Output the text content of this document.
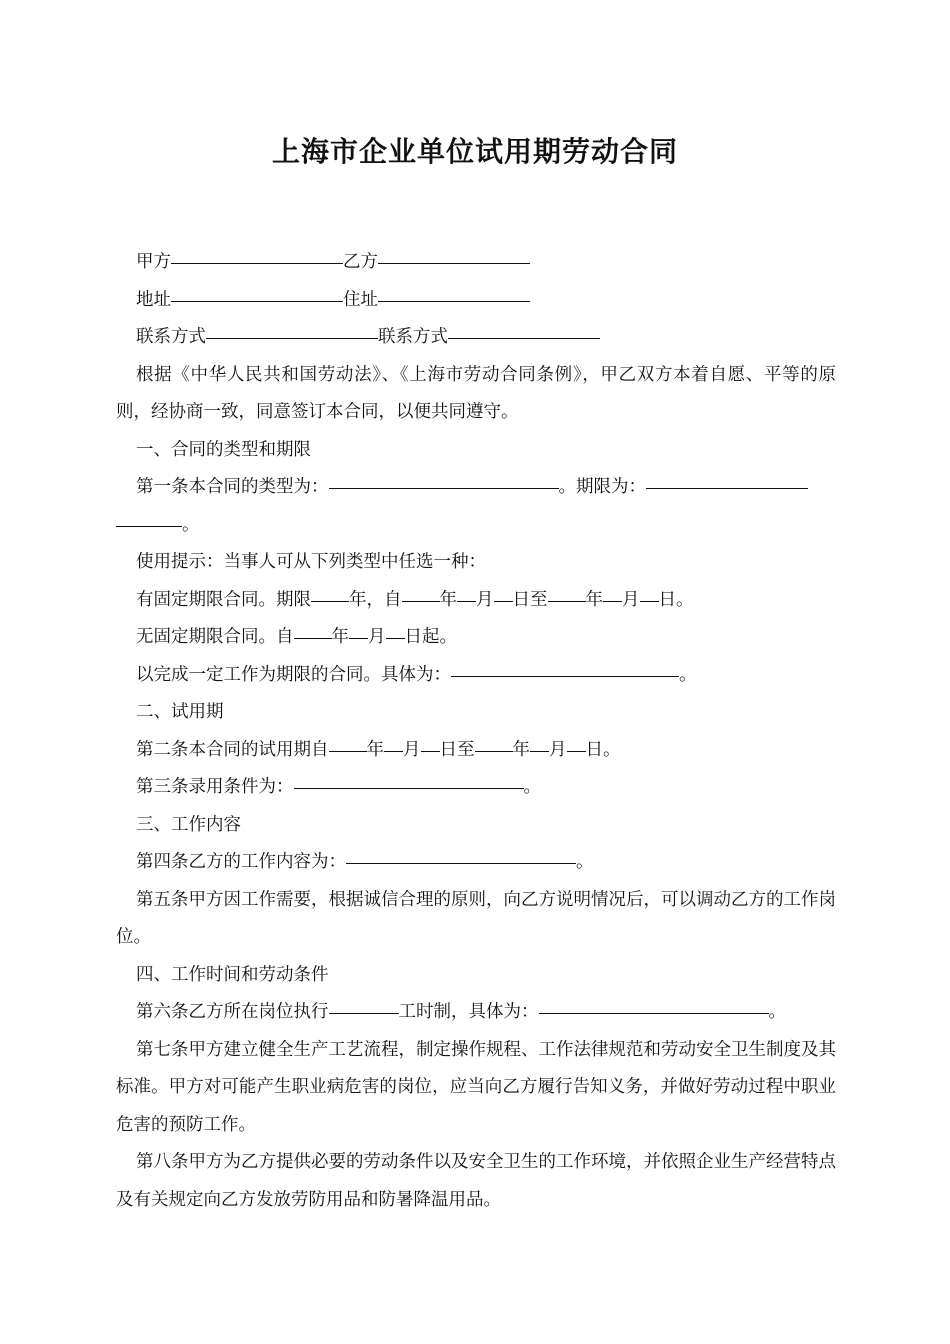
上海市企业单位试用期劳动合同
甲方	乙方
地址	住址
联系方式	联系方式
根据《中华人民共和国劳动法》、《上海市劳动合同条例》，甲乙双方本着自愿、平等的原则，经协商一致，同意签订本合同，以便共同遵守。
一、合同的类型和期限
第一条本合同的类型为：	。期限为：
。
使用提示：当事人可从下列类型中任选一种：
有固定期限合同。期限 年，自 年 月 日至 年 月 日。
无固定期限合同。自 年 月 日起。
以完成一定工作为期限的合同。具体为：	。
二、试用期
第二条本合同的试用期自 年 月 日至 年 月 日。
第三条录用条件为：	。
三、工作内容
第四条乙方的工作内容为：	。
第五条甲方因工作需要，根据诚信合理的原则，向乙方说明情况后，可以调动乙方的工作岗位。
四、工作时间和劳动条件
第六条乙方所在岗位执行	工时制，具体为：	。
第七条甲方建立健全生产工艺流程，制定操作规程、工作法律规范和劳动安全卫生制度及其标准。甲方对可能产生职业病危害的岗位，应当向乙方履行告知义务，并做好劳动过程中职业危害的预防工作。
第八条甲方为乙方提供必要的劳动条件以及安全卫生的工作环境，并依照企业生产经营特点及有关规定向乙方发放劳防用品和防暑降温用品。
